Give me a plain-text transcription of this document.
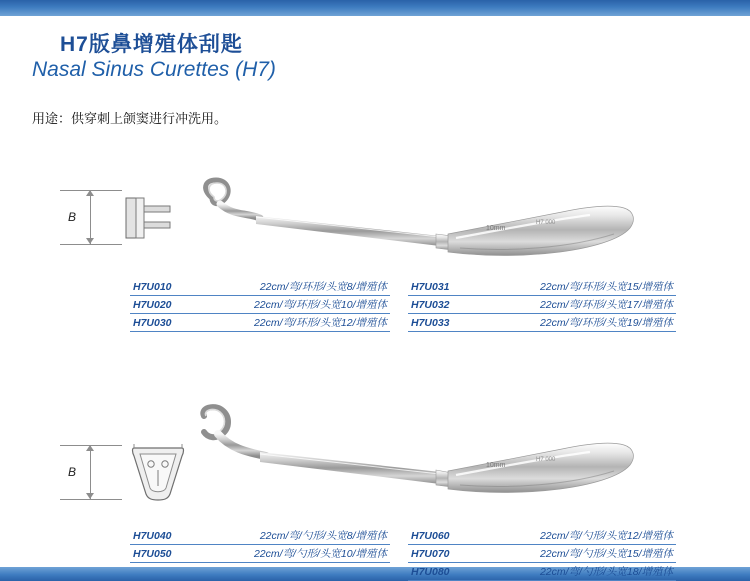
H7版鼻增殖体刮匙
Nasal Sinus Curettes (H7)
用途：供穿刺上颌窦进行冲洗用。
B
10mm
H7 000
H7U010	22cm/弯/环形/头宽8/增殖体
H7U020	22cm/弯/环形/头宽10/增殖体
H7U030	22cm/弯/环形/头宽12/增殖体
H7U031	22cm/弯/环形/头宽15/增殖体
H7U032	22cm/弯/环形/头宽17/增殖体
H7U033	22cm/弯/环形/头宽19/增殖体
B	10mm
H7 000
H7U040	22cm/弯/勺形/头宽8/增殖体
H7U050	22cm/弯/勺形/头宽10/增殖体
H7U060	22cm/弯/勺形/头宽12/增殖体
H7U070	22cm/弯/勺形/头宽15/增殖体
H7U080	22cm/弯/勺形/头宽18/增殖体
